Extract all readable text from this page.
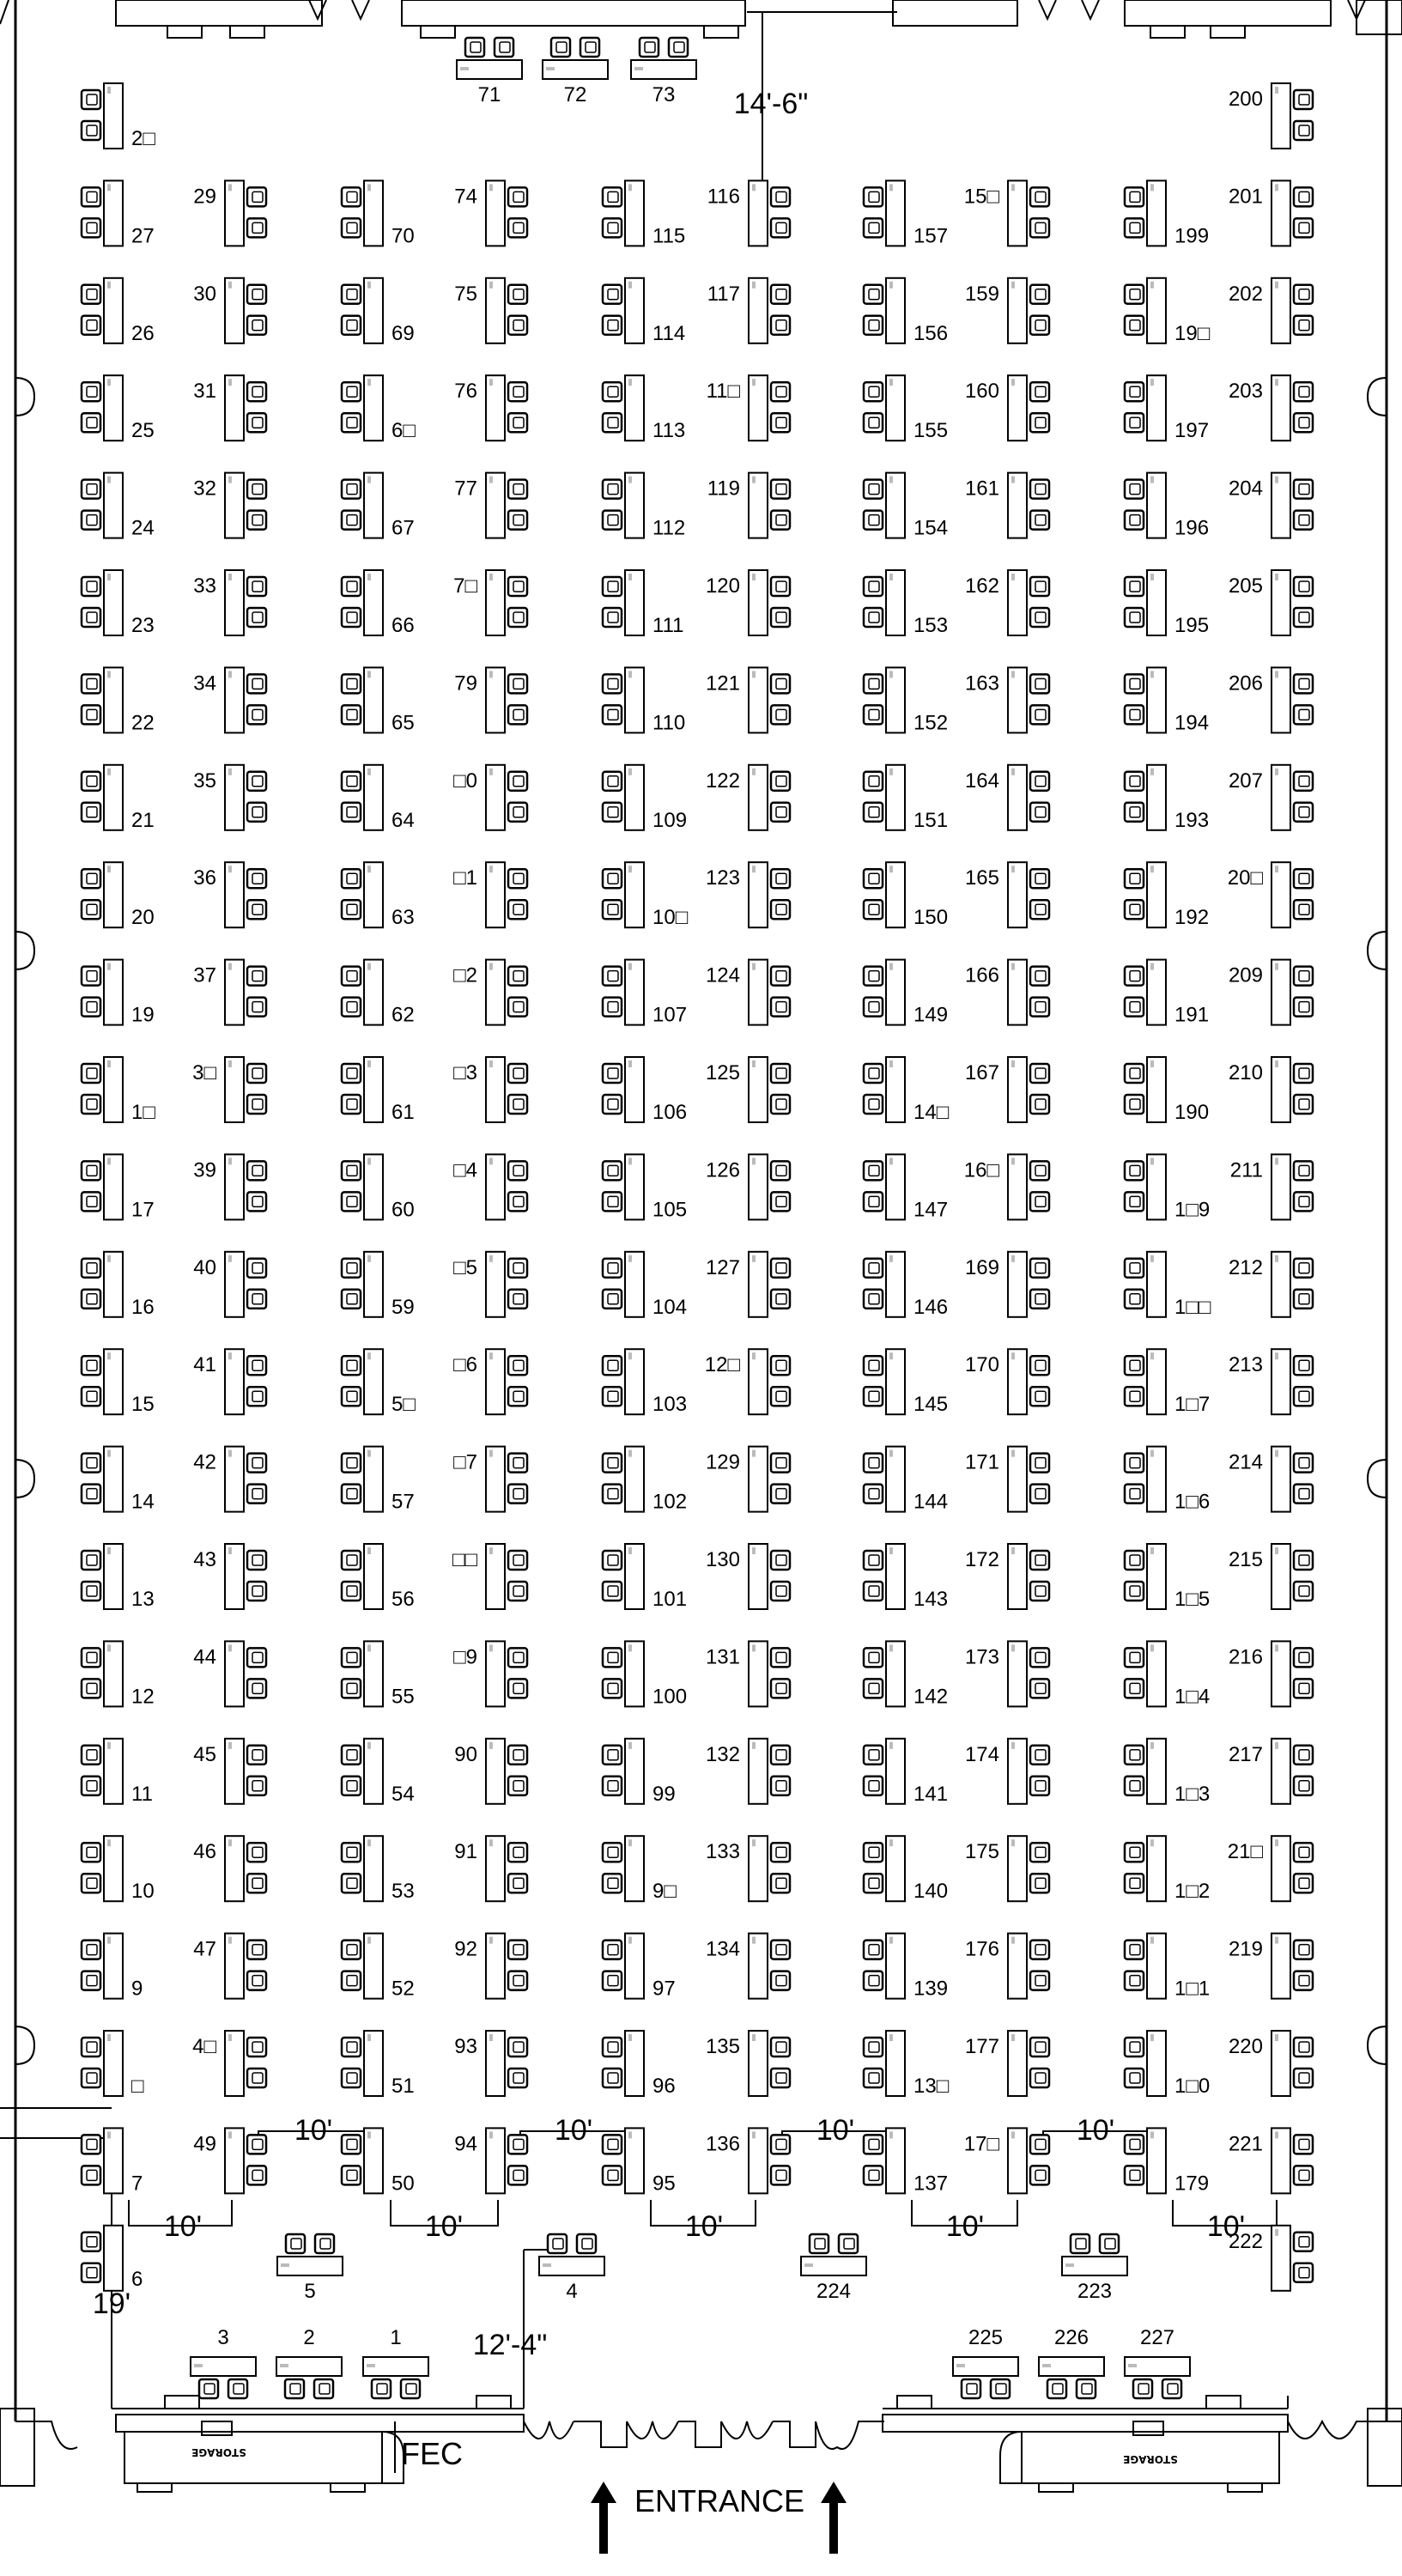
STORAGE
STORAGE
2□
27
26
25
24
23
22
21
20
19
1□
17
16
15
14
13
12
11
10
9
□
7
29
30
31
32
33
34
35
36
37
3□
39
40
41
42
43
44
45
46
47
4□
49
70
69
6□
67
66
65
64
63
62
61
60
59
5□
57
56
55
54
53
52
51
50
74
75
76
77
7□
79
□0
□1
□2
□3
□4
□5
□6
□7
□□
□9
90
91
92
93
94
115
114
113
112
111
110
109
10□
107
106
105
104
103
102
101
100
99
9□
97
96
95
116
117
11□
119
120
121
122
123
124
125
126
127
12□
129
130
131
132
133
134
135
136
157
156
155
154
153
152
151
150
149
14□
147
146
145
144
143
142
141
140
139
13□
137
15□
159
160
161
162
163
164
165
166
167
16□
169
170
171
172
173
174
175
176
177
17□
199
19□
197
196
195
194
193
192
191
190
1□9
1□□
1□7
1□6
1□5
1□4
1□3
1□2
1□1
1□0
179
200
201
202
203
204
205
206
207
20□
209
210
211
212
213
214
215
216
217
21□
219
220
221
222
71	72	73
5	4	224	223
3	2	1	225 226 227
6
14'-6"
10'
10'	10'
10'
10'
10'
10'
10'
10'
19'
12'-4"
FEC
ENTRANCE
